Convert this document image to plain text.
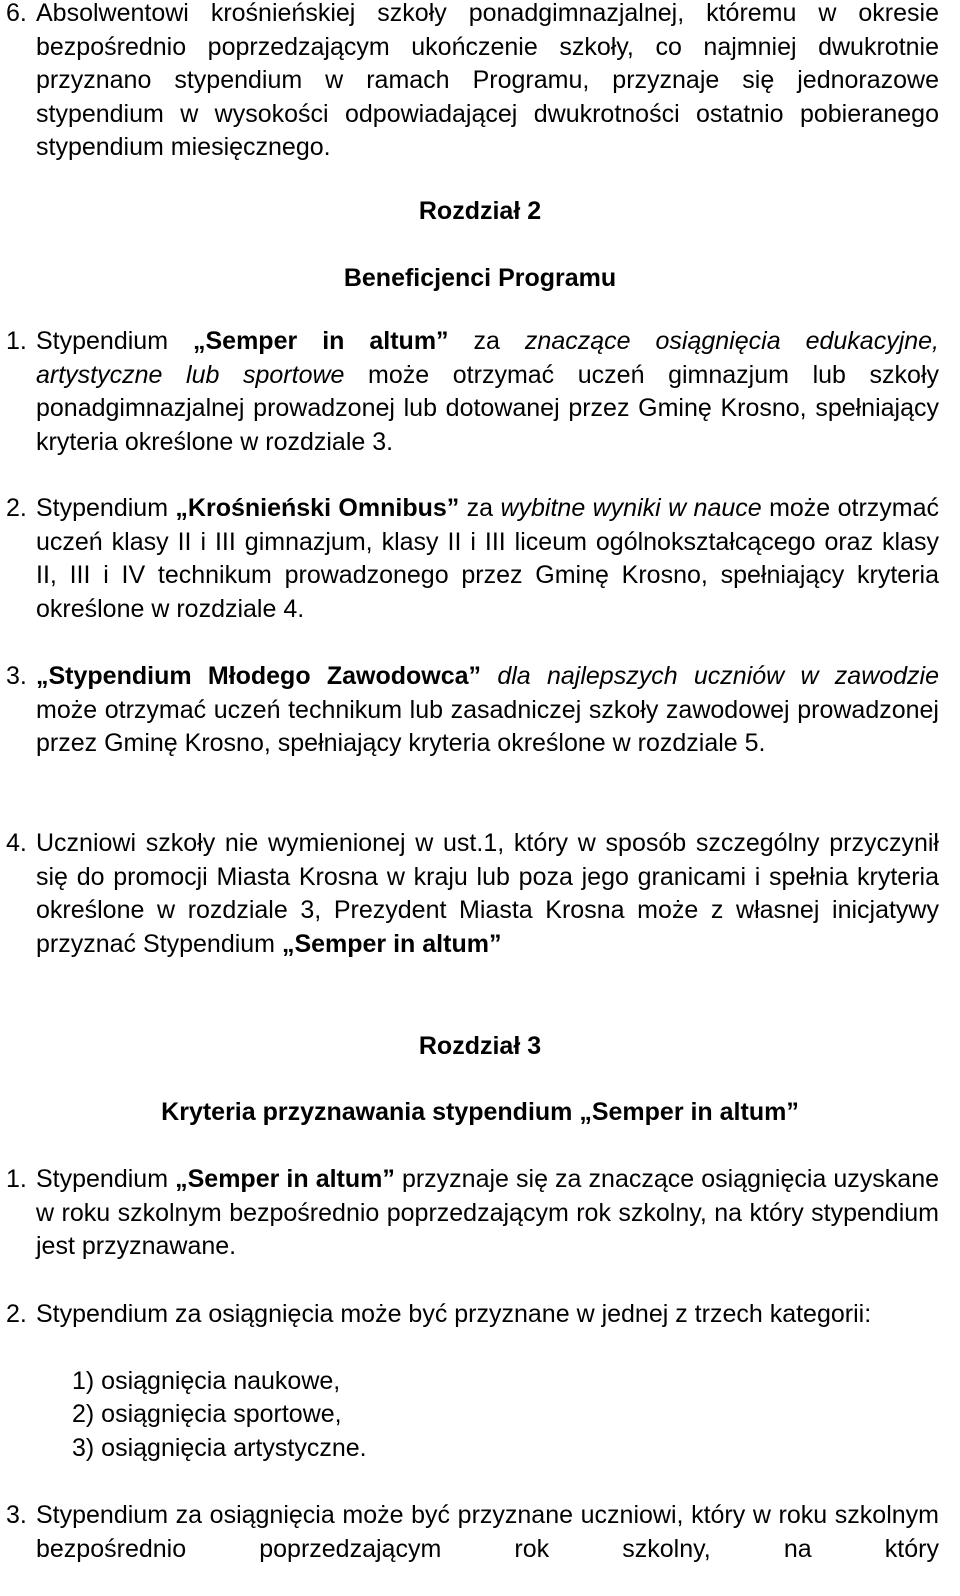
6. Absolwentowi krośnieńskiej szkoły ponadgimnazjalnej, któremu w okresie bezpośrednio poprzedzającym ukończenie szkoły, co najmniej dwukrotnie przyznano stypendium w ramach Programu, przyznaje się jednorazowe stypendium w wysokości odpowiadającej dwukrotności ostatnio pobieranego stypendium miesięcznego.
Rozdział 2
Beneficjenci Programu
1. Stypendium „Semper in altum” za znaczące osiągnięcia edukacyjne, artystyczne lub sportowe może otrzymać uczeń gimnazjum lub szkoły ponadgimnazjalnej prowadzonej lub dotowanej przez Gminę Krosno, spełniający kryteria określone w rozdziale 3.
2. Stypendium „Krośnieński Omnibus” za wybitne wyniki w nauce może otrzymać uczeń klasy II i III gimnazjum, klasy II i III liceum ogólnokształcącego oraz klasy II, III i IV technikum prowadzonego przez Gminę Krosno, spełniający kryteria określone w rozdziale 4.
3. „Stypendium Młodego Zawodowca” dla najlepszych uczniów w zawodzie może otrzymać uczeń technikum lub zasadniczej szkoły zawodowej prowadzonej przez Gminę Krosno, spełniający kryteria określone w rozdziale 5.
4. Uczniowi szkoły nie wymienionej w ust.1, który w sposób szczególny przyczynił się do promocji Miasta Krosna w kraju lub poza jego granicami i spełnia kryteria określone w rozdziale 3, Prezydent Miasta Krosna może z własnej inicjatywy przyznać Stypendium „Semper in altum”
Rozdział 3
Kryteria przyznawania stypendium „Semper in altum”
1. Stypendium „Semper in altum” przyznaje się za znaczące osiągnięcia uzyskane w roku szkolnym bezpośrednio poprzedzającym rok szkolny, na który stypendium jest przyznawane.
2. Stypendium za osiągnięcia może być przyznane w jednej z trzech kategorii:
1) osiągnięcia naukowe,
2) osiągnięcia sportowe,
3) osiągnięcia artystyczne.
3. Stypendium za osiągnięcia może być przyznane uczniowi, który w roku szkolnym bezpośrednio poprzedzającym rok szkolny, na który
